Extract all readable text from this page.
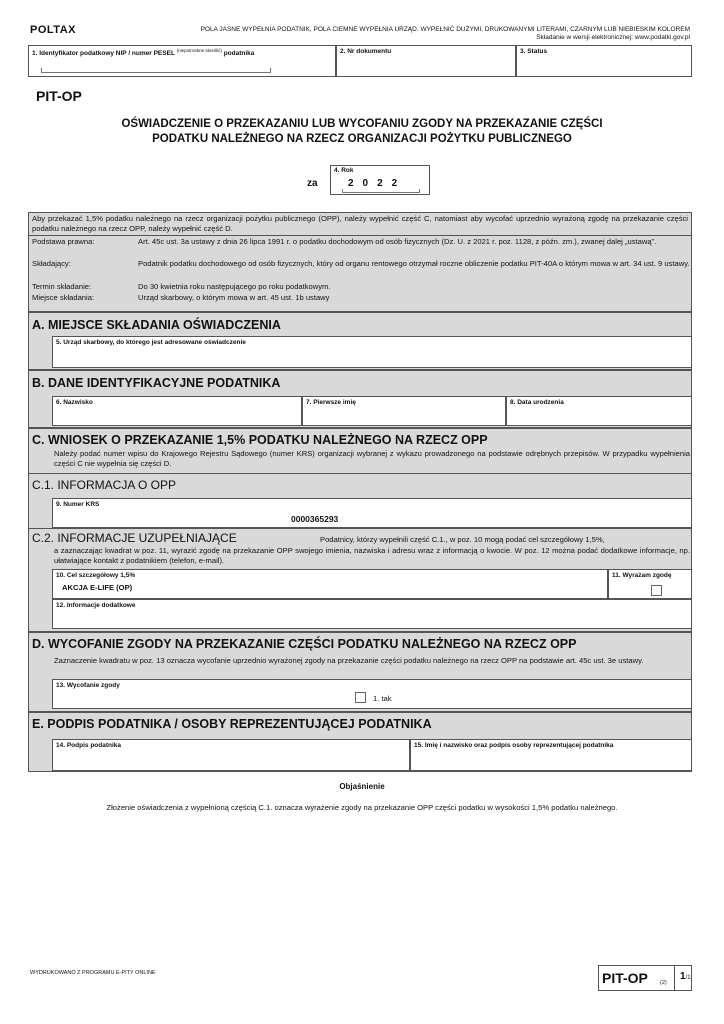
POLTAX	POLA JASNE WYPEŁNIA PODATNIK, POLA CIEMNE WYPEŁNIA URZĄD. WYPEŁNIĆ DUŻYMI, DRUKOWANYMI LITERAMI, CZARNYM LUB NIEBIESKIM KOLOREM
Składanie w wersji elektronicznej: www.podatki.gov.pl
1. Identyfikator podatkowy NIP / numer PESEL $^{(niepotrzebne skreślić)}$ podatnika	2. Nr dokumentu	3. Status
PIT-OP
OŚWIADCZENIE O PRZEKAZANIU LUB WYCOFANIU ZGODY NA PRZEKAZANIE CZĘŚCI
PODATKU NALEŻNEGO NA RZECZ ORGANIZACJI POŻYTKU PUBLICZNEGO
za
4. Rok
2022
Aby przekazać 1,5% podatku należnego na rzecz organizacji pożytku publicznego (OPP), należy wypełnić część C, natomiast aby wycofać uprzednio wyrażoną zgodę na przekazanie części podatku należnego na rzecz OPP, należy wypełnić część D.
Podstawa prawna:	Art. 45c ust. 3a ustawy z dnia 26 lipca 1991 r. o podatku dochodowym od osób fizycznych (Dz. U. z 2021 r. poz. 1128, z późn. zm.), zwanej dalej „ustawą”.
Składający:	Podatnik podatku dochodowego od osób fizycznych, który od organu rentowego otrzymał roczne obliczenie podatku PIT-40A o którym mowa w art. 34 ust. 9 ustawy.
Termin składanie:	Do 30 kwietnia roku następującego po roku podatkowym.
Miejsce składania:	Urząd skarbowy, o którym mowa w art. 45 ust. 1b ustawy
A. MIEJSCE SKŁADANIA OŚWIADCZENIA
5. Urząd skarbowy, do którego jest adresowane oświadczenie
B. DANE IDENTYFIKACYJNE PODATNIKA
6. Nazwisko	7. Pierwsze imię	8. Data urodzenia
C. WNIOSEK O PRZEKAZANIE 1,5% PODATKU NALEŻNEGO NA RZECZ OPP
Należy podać numer wpisu do Krajowego Rejestru Sądowego (numer KRS) organizacji wybranej z wykazu prowadzonego na podstawie odrębnych przepisów. W przypadku wypełnienia części C nie wypełnia się części D.
C.1. INFORMACJA O OPP
9. Numer KRS
0000365293
C.2. INFORMACJE UZUPEŁNIAJĄCE	Podatnicy, którzy wypełnili część C.1., w poz. 10 mogą podać cel szczegółowy 1,5%,
a zaznaczając kwadrat w poz. 11, wyrazić zgodę na przekazanie OPP swojego imienia, nazwiska i adresu wraz z informacją o kwocie. W poz. 12 można podać dodatkowe informacje, np. ułatwiające kontakt z podatnikiem (telefon, e-mail).
10. Cel szczegółowy 1,5%
AKCJA E-LIFE (OP)
11. Wyrażam zgodę
12. Informacje dodatkowe
D. WYCOFANIE ZGODY NA PRZEKAZANIE CZĘŚCI PODATKU NALEŻNEGO NA RZECZ OPP
Zaznaczenie kwadratu w poz. 13 oznacza wycofanie uprzednio wyrażonej zgody na przekazanie części podatku należnego na rzecz OPP na podstawie art. 45c ust. 3e ustawy.
13. Wycofanie zgody
1. tak
E. PODPIS PODATNIKA / OSOBY REPREZENTUJĄCEJ PODATNIKA
14. Podpis podatnika	15. Imię i nazwisko oraz podpis osoby reprezentującej podatnika
Objaśnienie
Złożenie oświadczenia z wypełnioną częścią C.1. oznacza wyrażenie zgody na przekazanie OPP części podatku w wysokości 1,5% podatku należnego.
WYDRUKOWANO Z PROGRAMU E-PITY ONLINE	PIT-OP (2)
1/1
